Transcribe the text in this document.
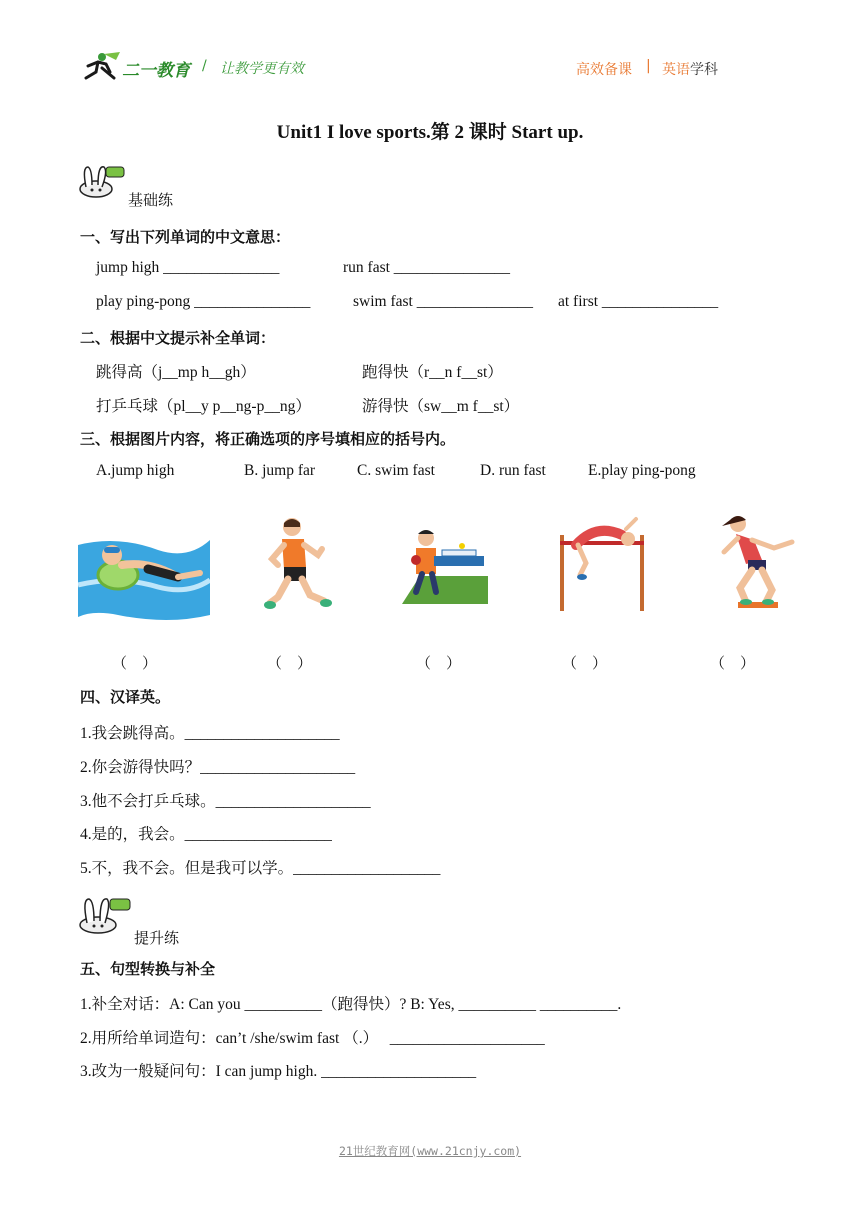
二一教育 / 让教学更有效	高效备课 | 英语 学科
Unit1 I love sports.第 2 课时 Start up.
基础练
一、写出下列单词的中文意思：
jump high _______________	run fast _______________
play ping-pong _______________	swim fast _______________ at first _______________
二、根据中文提示补全单词：
跳得高（j__mp h__gh）	跑得快（r__n f__st）
打乒乓球（pl__y p__ng-p__ng）	游得快（sw__m f__st）
三、根据图片内容，将正确选项的序号填相应的括号内。
A.jump high	B. jump far	C. swim fast	D. run fast	E.play ping-pong
（    ）	（    ）	（    ）	（    ）	（    ）
四、汉译英。
1.我会跳得高。____________________
2.你会游得快吗？____________________
3.他不会打乒乓球。____________________
4.是的，我会。___________________
5.不，我不会。但是我可以学。___________________
提升练
五、句型转换与补全
1.补全对话：A: Can you __________（跑得快）? B: Yes, __________ __________.
2.用所给单词造句：can’t /she/swim fast （.）   ____________________
3.改为一般疑问句：I can jump high. ____________________
21世纪教育网(www.21cnjy.com)
